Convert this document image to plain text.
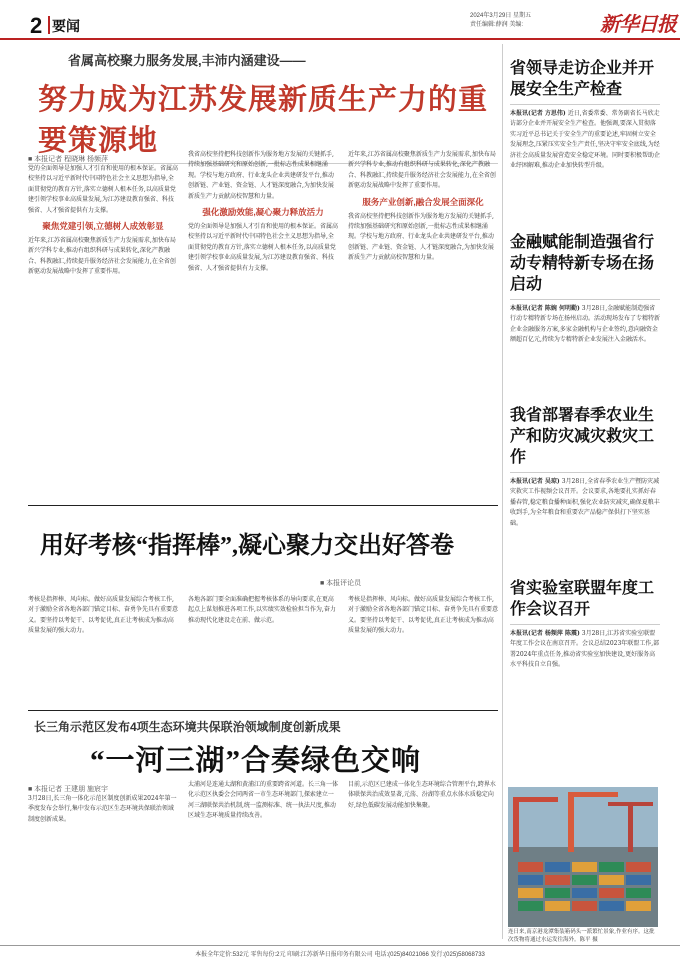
2 要闻
2024年3月29日 星期五
责任编辑:薛润 美编:	新华日报
省属高校聚力服务发展,丰沛内涵建设——
努力成为江苏发展新质生产力的重要策源地
■ 本报记者 程晓琳 杨频萍

党的全面领导是加强人才引育和使用的根本保证。省属高校坚持以习近平新时代中国特色社会主义思想为指导,全面贯彻党的教育方针,落实立德树人根本任务,以高质量党建引领学校事业高质量发展,为江苏建设教育强省、科技强省、人才强省提供有力支撑。

聚焦党建引领,立德树人成效彰显

近年来,江苏省属高校聚焦新质生产力发展需求,加快布局新兴学科专业,推动有组织科研与成果转化,深化产教融合、科教融汇,持续提升服务经济社会发展能力,在全省创新驱动发展战略中发挥了重要作用。

我省高校坚持把科技创新作为服务地方发展的关键抓手,持续加强基础研究和原始创新,一批标志性成果相继涌现。学校与地方政府、行业龙头企业共建研发平台,推动创新链、产业链、资金链、人才链深度融合,为加快发展新质生产力贡献高校智慧和力量。

强化激励效能,凝心聚力释放活力

党的全面领导是加强人才引育和使用的根本保证。省属高校坚持以习近平新时代中国特色社会主义思想为指导,全面贯彻党的教育方针,落实立德树人根本任务,以高质量党建引领学校事业高质量发展,为江苏建设教育强省、科技强省、人才强省提供有力支撑。

近年来,江苏省属高校聚焦新质生产力发展需求,加快布局新兴学科专业,推动有组织科研与成果转化,深化产教融合、科教融汇,持续提升服务经济社会发展能力,在全省创新驱动发展战略中发挥了重要作用。

服务产业创新,融合发展全面深化

我省高校坚持把科技创新作为服务地方发展的关键抓手,持续加强基础研究和原始创新,一批标志性成果相继涌现。学校与地方政府、行业龙头企业共建研发平台,推动创新链、产业链、资金链、人才链深度融合,为加快发展新质生产力贡献高校智慧和力量。

用好考核“指挥棒”,凝心聚力交出好答卷
■ 本报评论员
考核是指挥棒、风向标。做好高质量发展综合考核工作,对于激励全省各地各部门锚定目标、奋勇争先具有重要意义。要坚持以考促干、以考促优,真正让考核成为推动高质量发展的强大动力。
各地各部门要全面准确把握考核体系的导向要求,在更高起点上谋划推进各项工作,以实绩实效检验担当作为,奋力推动现代化建设走在前、做示范。
考核是指挥棒、风向标。做好高质量发展综合考核工作,对于激励全省各地各部门锚定目标、奋勇争先具有重要意义。要坚持以考促干、以考促优,真正让考核成为推动高质量发展的强大动力。
长三角示范区发布4项生态环境共保联治领域制度创新成果
“一河三湖”合奏绿色交响
■ 本报记者 王建朋 施宸宇

3月28日,长三角一体化示范区制度创新成果2024年第一季度发布会举行,集中发布示范区生态环境共保联治领域制度创新成果。

太浦河是连通太湖和黄浦江的重要跨省河道。长三角一体化示范区执委会会同两省一市生态环境部门,探索建立一河三湖联保共治机制,统一监测标准、统一执法尺度,推动区域生态环境质量持续改善。
目前,示范区已建成一体化生态环境综合管理平台,跨界水体联保共治成效显著,元荡、汾湖等重点水体水质稳定向好,绿色低碳发展动能加快集聚。
省领导走访企业并开展安全生产检查
本报讯(记者 方思伟) 近日,省委常委、常务副省长马欣走访部分企业并开展安全生产检查。他强调,要深入贯彻落实习近平总书记关于安全生产的重要论述,牢固树立安全发展理念,压紧压实安全生产责任,坚决守牢安全底线,为经济社会高质量发展营造安全稳定环境。同时要积极帮助企业纾困解难,推动企业加快转型升级。
金融赋能制造强省行动专精特新专场在扬启动
本报讯(记者 陈婉 何明勤) 3月28日,金融赋能制造强省行动专精特新专场在扬州启动。活动现场发布了专精特新企业金融服务方案,多家金融机构与企业签约,意向融资金额超百亿元,持续为专精特新企业发展注入金融活水。
我省部署春季农业生产和防灾减灾救灾工作
本报讯(记者 吴琼) 3月28日,全省春季农业生产暨防灾减灾救灾工作视频会议召开。会议要求,各地要扎实抓好春播春管,稳定粮食播种面积,强化农业防灾减灾,确保夏粮丰收到手,为全年粮食和重要农产品稳产保供打下坚实基础。
省实验室联盟年度工作会议召开
本报讯(记者 杨频萍 陈震) 3月28日,江苏省实验室联盟年度工作会议在南京召开。会议总结2023年联盟工作,部署2024年重点任务,推动省实验室加快建设,更好服务高水平科技自立自强。
连日来,南京港龙潭集装箱码头一派繁忙景象,作业有序。这批次货物将通过水运发往海外。陈平 摄
本报全年定价:532元 零售每份:2元 印刷:江苏新华日报印务有限公司 电话:(025)84021066 发行:(025)58068733
